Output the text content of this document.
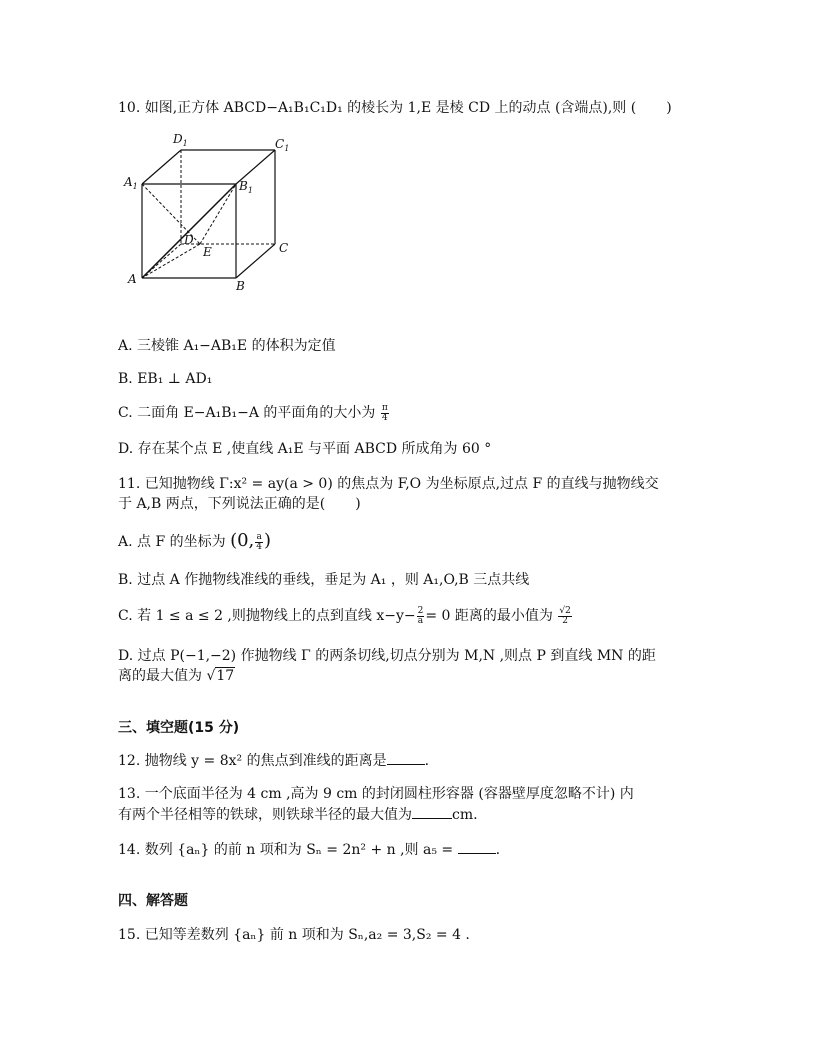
10. 如图,正方体 ABCD−A₁B₁C₁D₁ 的棱长为 1,E 是棱 CD 上的动点 (含端点),则 ( )
$D_1$	$C_1$
$A_1$	$B_1$
D
E	C
A	B
A. 三棱锥 A₁−AB₁E 的体积为定值
B. EB₁ ⊥ AD₁
C. 二面角 E−A₁B₁−A 的平面角的大小为 $\frac{\pi}{4}$
D. 存在某个点 E ,使直线 A₁E 与平面 ABCD 所成角为 60 °
11. 已知抛物线 Γ:x² = ay(a > 0) 的焦点为 F,O 为坐标原点,过点 F 的直线与抛物线交
于 A,B 两点，下列说法正确的是( )
A. 点 F 的坐标为 (0, $\frac{a}{4}$ )
B. 过点 A 作抛物线准线的垂线，垂足为 A₁ ，则 A₁,O,B 三点共线
C. 若 1 ≤ a ≤ 2 ,则抛物线上的点到直线 $x-y- \frac{2}{a} = 0$ 距离的最小值为 $\frac{√2}{2}$
D. 过点 P(−1,−2) 作抛物线 Γ 的两条切线,切点分别为 M,N ,则点 P 到直线 MN 的距
离的最大值为 √17
三、填空题(15 分)
12. 抛物线 y = 8x² 的焦点到准线的距离是	.
13. 一个底面半径为 4 cm ,高为 9 cm 的封闭圆柱形容器 (容器壁厚度忽略不计) 内
有两个半径相等的铁球，则铁球半径的最大值为	cm.
14. 数列 {aₙ} 的前 n 项和为 Sₙ = 2n² + n ,则 a₅ =	.
四、解答题
15. 已知等差数列 {aₙ} 前 n 项和为 Sₙ,a₂ = 3,S₂ = 4 .
